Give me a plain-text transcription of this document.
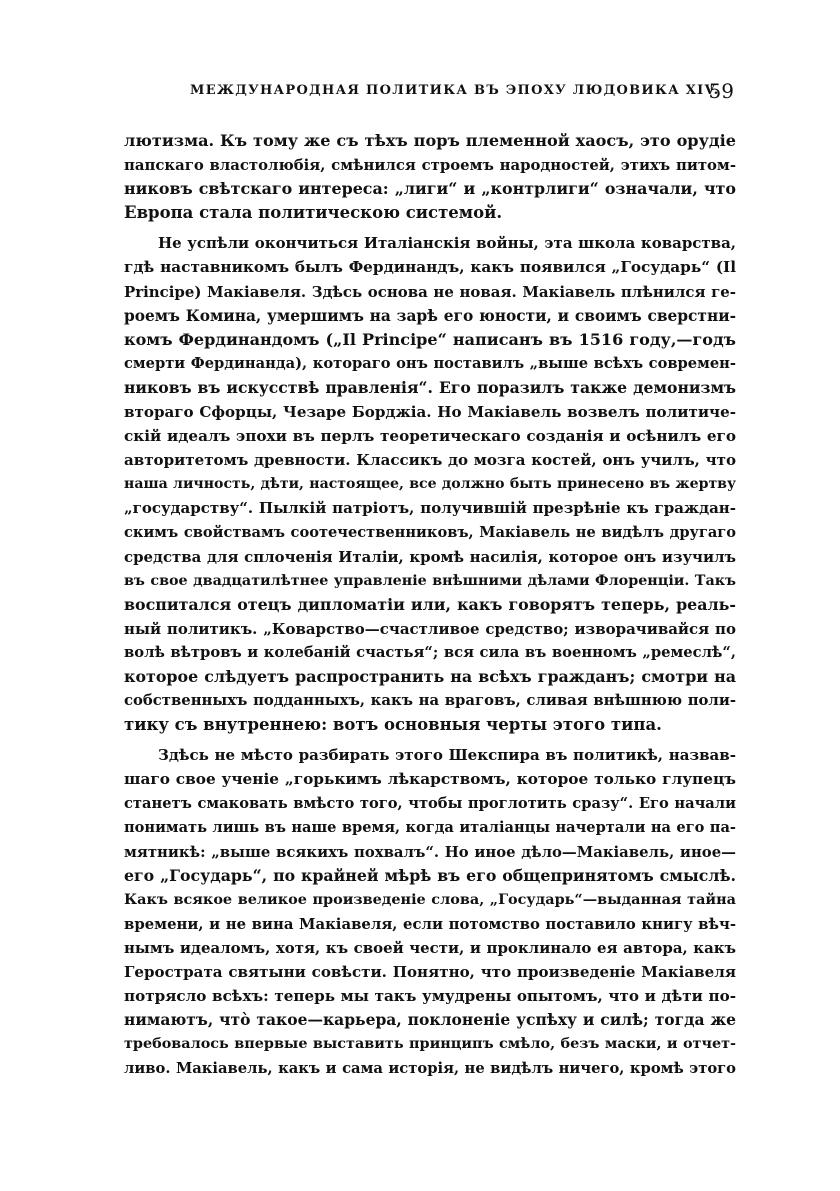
МЕЖДУНАРОДНАЯ ПОЛИТИКА ВЪ ЭПОХУ ЛЮДОВИКА XIV.
59
лютизма. Къ тому же съ тѣхъ поръ племенной хаосъ, это орудіе
папскаго властолюбія, смѣнился строемъ народностей, этихъ питом-
никовъ свѣтскаго интереса: „лиги“ и „контрлиги“ означали, что
Европа стала политическою системой.
Не успѣли окончиться Италіанскія войны, эта школа коварства,
гдѣ наставникомъ былъ Фердинандъ, какъ появился „Государь“ (Il
Principe) Макіавеля. Здѣсь основа не новая. Макіавель плѣнился ге-
роемъ Комина, умершимъ на зарѣ его юности, и своимъ сверстни-
комъ Фердинандомъ („Il Principe“ написанъ въ 1516 году,—годъ
смерти Фердинанда), котораго онъ поставилъ „выше всѣхъ современ-
никовъ въ искусствѣ правленія“. Его поразилъ также демонизмъ
втораго Сфорцы, Чезаре Борджіа. Но Макіавель возвелъ политиче-
скій идеалъ эпохи въ перлъ теоретическаго созданія и осѣнилъ его
авторитетомъ древности. Классикъ до мозга костей, онъ училъ, что
наша личность, дѣти, настоящее, все должно быть принесено въ жертву
„государству“. Пылкій патріотъ, получившій презрѣніе къ граждан-
скимъ свойствамъ соотечественниковъ, Макіавель не видѣлъ другаго
средства для сплоченія Италіи, кромѣ насилія, которое онъ изучилъ
въ свое двадцатилѣтнее управленіе внѣшними дѣлами Флоренціи. Такъ
воспитался отецъ дипломатіи или, какъ говорятъ теперь, реаль-
ный политикъ. „Коварство—счастливое средство; изворачивайся по
волѣ вѣтровъ и колебаній счастья“; вся сила въ военномъ „ремеслѣ“,
которое слѣдуетъ распространить на всѣхъ гражданъ; смотри на
собственныхъ подданныхъ, какъ на враговъ, сливая внѣшнюю поли-
тику съ внутреннею: вотъ основныя черты этого типа.
Здѣсь не мѣсто разбирать этого Шекспира въ политикѣ, назвав-
шаго свое ученіе „горькимъ лѣкарствомъ, которое только глупецъ
станетъ смаковать вмѣсто того, чтобы проглотить сразу“. Его начали
понимать лишь въ наше время, когда италіанцы начертали на его па-
мятникѣ: „выше всякихъ похвалъ“. Но иное дѣло—Макіавель, иное—
его „Государь“, по крайней мѣрѣ въ его общепринятомъ смыслѣ.
Какъ всякое великое произведеніе слова, „Государь“—выданная тайна
времени, и не вина Макіавеля, если потомство поставило книгу вѣч-
нымъ идеаломъ, хотя, къ своей чести, и проклинало ея автора, какъ
Герострата святыни совѣсти. Понятно, что произведеніе Макіавеля
потрясло всѣхъ: теперь мы такъ умудрены опытомъ, что и дѣти по-
нимаютъ, что̀ такое—карьера, поклоненіе успѣху и силѣ; тогда же
требовалось впервые выставить принципъ смѣло, безъ маски, и отчет-
ливо. Макіавель, какъ и сама исторія, не видѣлъ ничего, кромѣ этого
